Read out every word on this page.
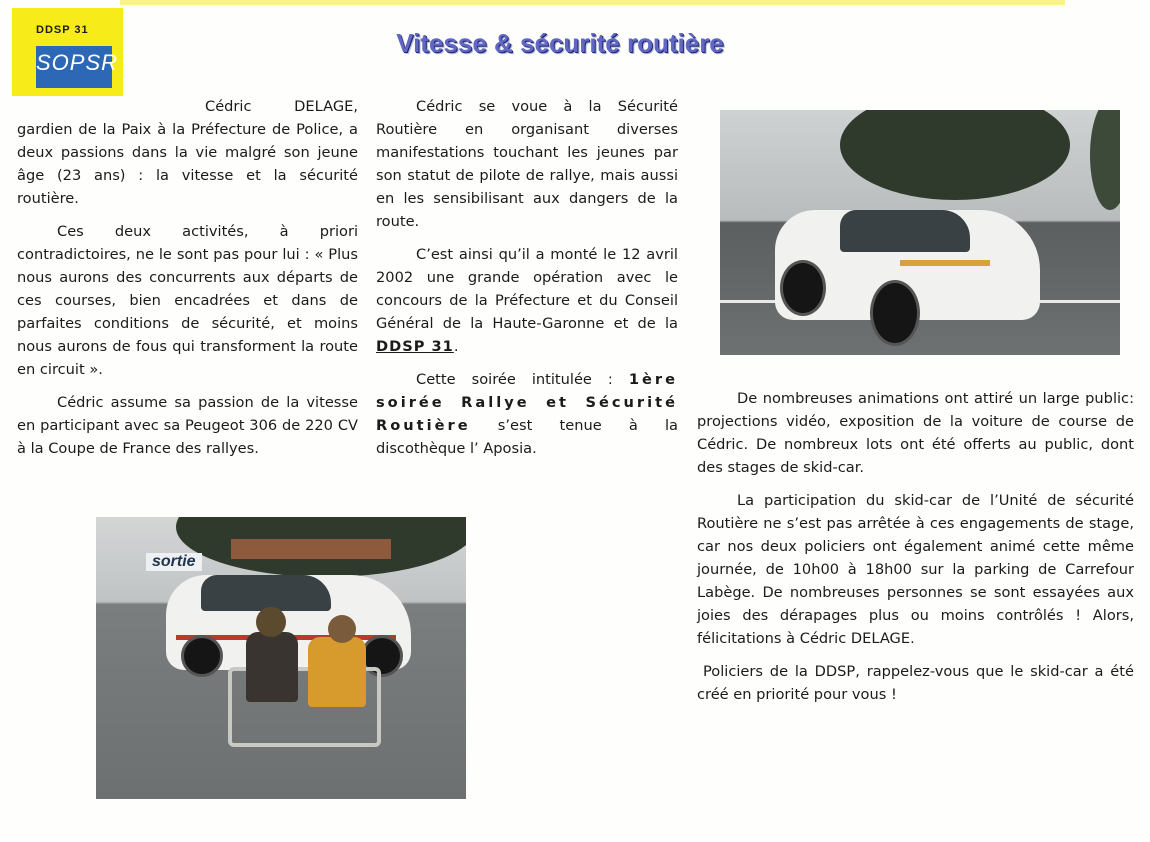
DDSP 31
SOPSR
Vitesse & sécurité routière

Cédric DELAGE, gardien de la Paix à la Préfecture de Police, a deux passions dans la vie malgré son jeune âge (23 ans) : la vitesse et la sécurité routière.

Ces deux activités, à priori contradictoires, ne le sont pas pour lui : « Plus nous aurons des concurrents aux départs de ces courses, bien encadrées et dans de parfaites conditions de sécurité, et moins nous aurons de fous qui transforment la route en circuit ».

Cédric assume sa passion de la vitesse en participant avec sa Peugeot 306 de 220 CV à la Coupe de France des rallyes.

Cédric se voue à la Sécurité Routière en organisant diverses manifestations touchant les jeunes par son statut de pilote de rallye, mais aussi en les sensibilisant aux dangers de la route.

C’est ainsi qu’il a monté le 12 avril 2002 une grande opération avec le concours de la Préfecture et du Conseil Général de la Haute-Garonne et de la DDSP 31.

Cette soirée intitulée : 1ère soirée Rallye et Sécurité Routière s’est tenue à la discothèque l’ Aposia.

De nombreuses animations ont attiré un large public: projections vidéo, exposition de la voiture de course de Cédric. De nombreux lots ont été offerts au public, dont des stages de skid-car.

La participation du skid-car de l’Unité de sécurité Routière ne s’est pas arrêtée à ces engagements de stage, car nos deux policiers ont également animé cette même journée, de 10h00 à 18h00 sur la parking de Carrefour Labège. De nombreuses personnes se sont essayées aux joies des dérapages plus ou moins contrôlés ! Alors, félicitations à Cédric DELAGE.

Policiers de la DDSP, rappelez-vous que le skid-car a été créé en priorité pour vous !

sortie
